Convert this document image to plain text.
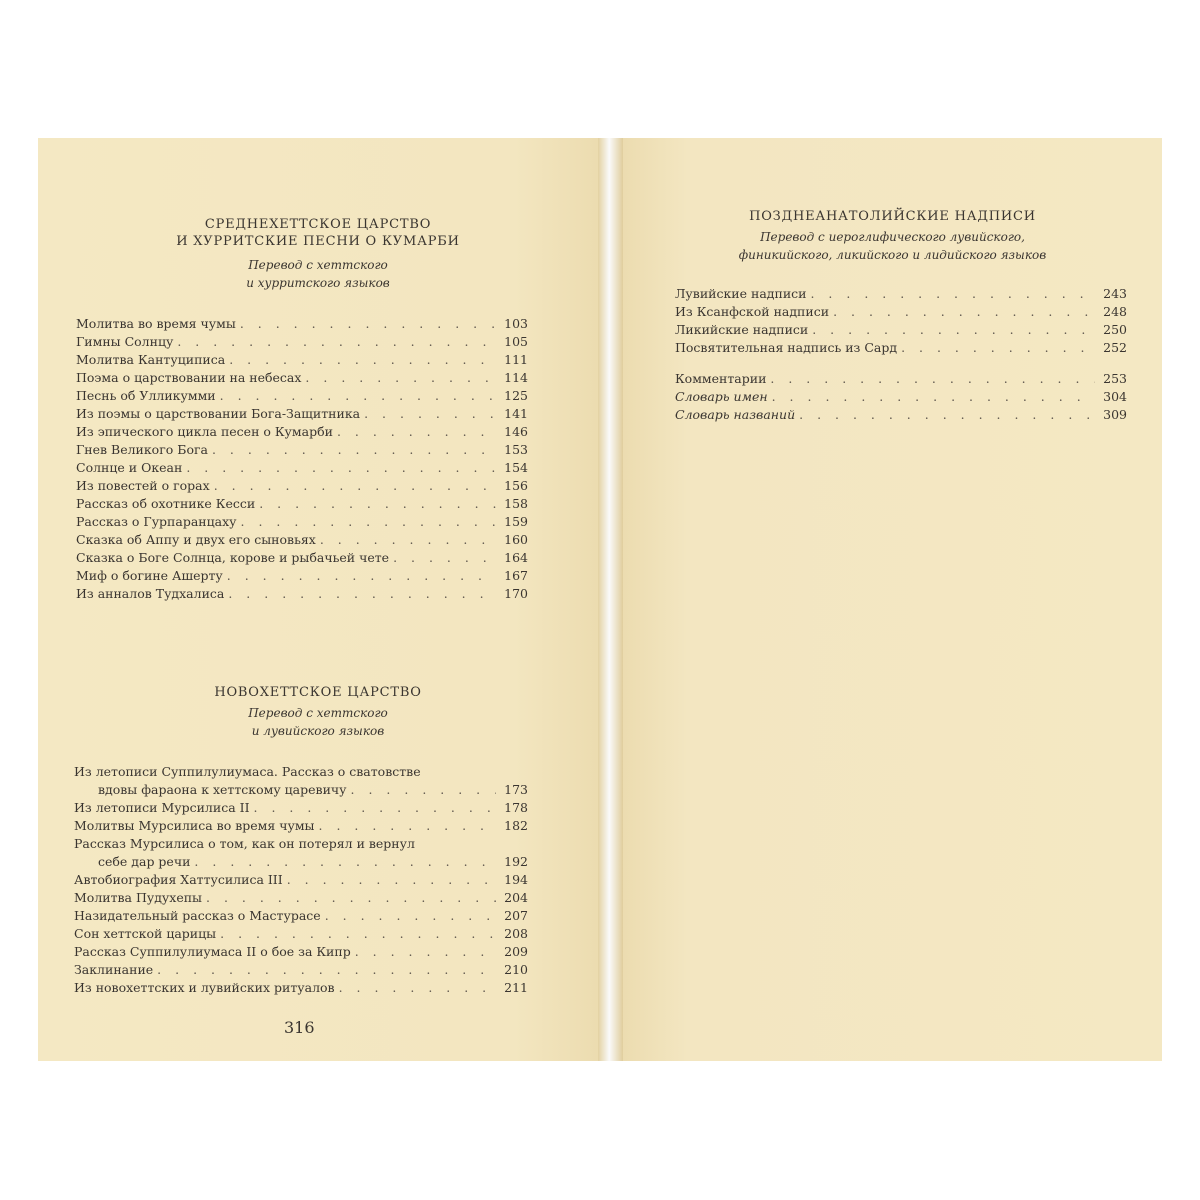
СРЕДНЕХЕТТСКОЕ ЦАРСТВО
И ХУРРИТСКИЕ ПЕСНИ О КУМАРБИ
Перевод с хеттского
и хурритского языков
Молитва во время чумы . . .	103
Гимны Солнцу . . .	105
Молитва Кантуциписа . . .	111
Поэма о царствовании на небесах . . .	114
Песнь об Улликумми . . .	125
Из поэмы о царствовании Бога-Защитника . . .	141
Из эпического цикла песен о Кумарби . . .	146
Гнев Великого Бога . . .	153
Солнце и Океан . . .	154
Из повестей о горах . . .	156
Рассказ об охотнике Кесси . . .	158
Рассказ о Гурпаранцаху . . .	159
Сказка об Аппу и двух его сыновьях . . .	160
Сказка о Боге Солнца, корове и рыбачьей чете . . .	164
Миф о богине Ашерту . . .	167
Из анналов Тудхалиса . . .	170
НОВОХЕТТСКОЕ ЦАРСТВО
Перевод с хеттского
и лувийского языков
Из летописи Суппилулиумаса. Рассказ о сватовстве
вдовы фараона к хеттскому царевичу . . .	173
Из летописи Мурсилиса II . . .	178
Молитвы Мурсилиса во время чумы . . .	182
Рассказ Мурсилиса о том, как он потерял и вернул
себе дар речи . . .	192
Автобиография Хаттусилиса III . . .	194
Молитва Пудухепы . . .	204
Назидательный рассказ о Мастурасе . . .	207
Сон хеттской царицы . . .	208
Рассказ Суппилулиумаса II о бое за Кипр . . .	209
Заклинание . . .	210
Из новохеттских и лувийских ритуалов . . .	211
316
ПОЗДНЕАНАТОЛИЙСКИЕ НАДПИСИ
Перевод с иероглифического лувийского,
финикийского, ликийского и лидийского языков
Лувийские надписи . . .	243
Из Ксанфской надписи . . .	248
Ликийские надписи . . .	250
Посвятительная надпись из Сард . . .	252
Комментарии . . .	253
Словарь имен . . .	304
Словарь названий . . .	309
